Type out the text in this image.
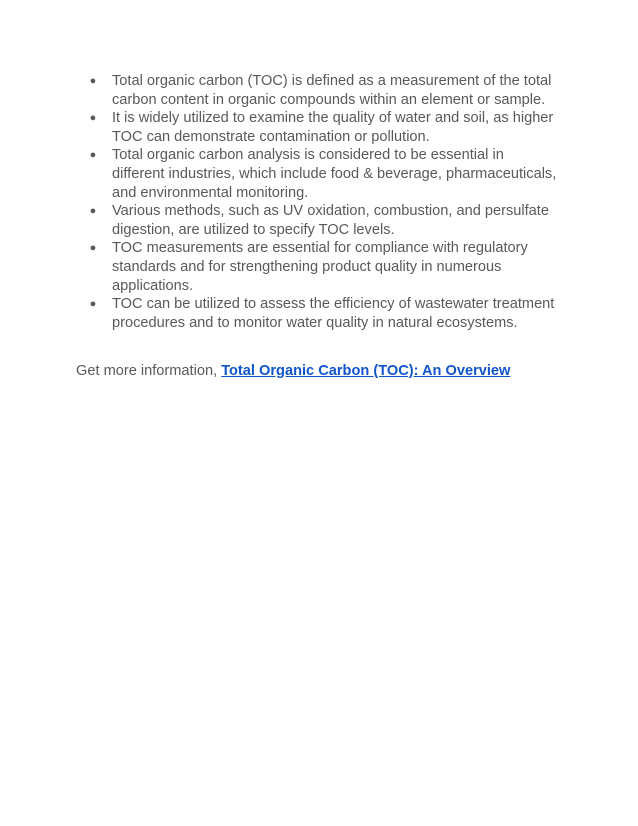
● Total organic carbon (TOC) is defined as a measurement of the total carbon content in organic compounds within an element or sample.
● It is widely utilized to examine the quality of water and soil, as higher TOC can demonstrate contamination or pollution.
● Total organic carbon analysis is considered to be essential in different industries, which include food & beverage, pharmaceuticals, and environmental monitoring.
● Various methods, such as UV oxidation, combustion, and persulfate digestion, are utilized to specify TOC levels.
● TOC measurements are essential for compliance with regulatory standards and for strengthening product quality in numerous applications.
● TOC can be utilized to assess the efficiency of wastewater treatment procedures and to monitor water quality in natural ecosystems.

Get more information, Total Organic Carbon (TOC): An Overview
